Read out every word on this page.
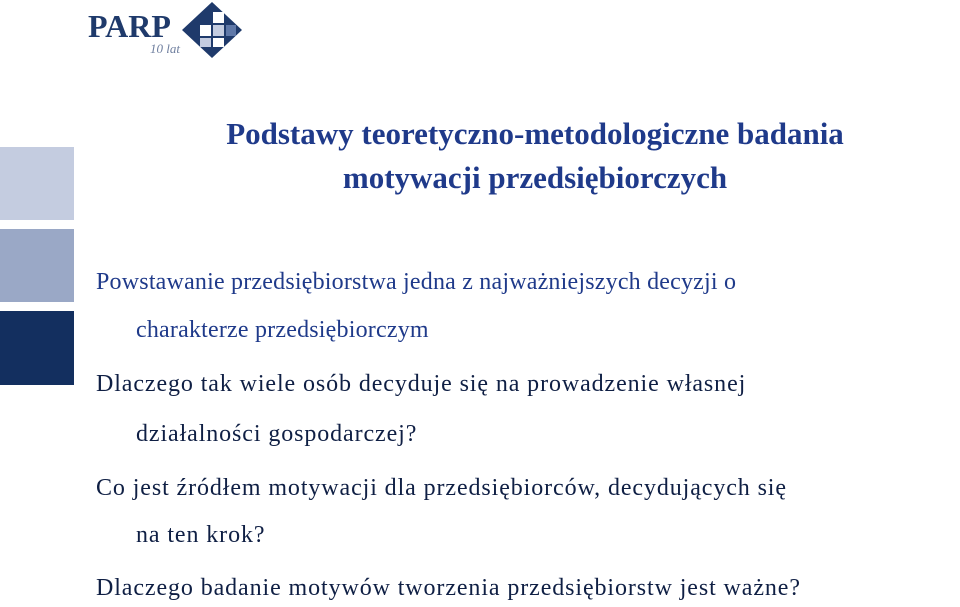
PARP
10 lat
Podstawy teoretyczno-metodologiczne badania
motywacji przedsiębiorczych
Powstawanie przedsiębiorstwa jedna z najważniejszych decyzji o
charakterze przedsiębiorczym
Dlaczego tak wiele osób decyduje się na prowadzenie własnej
działalności gospodarczej?
Co jest źródłem motywacji dla przedsiębiorców, decydujących się
na ten krok?
Dlaczego badanie motywów tworzenia przedsiębiorstw jest ważne?
